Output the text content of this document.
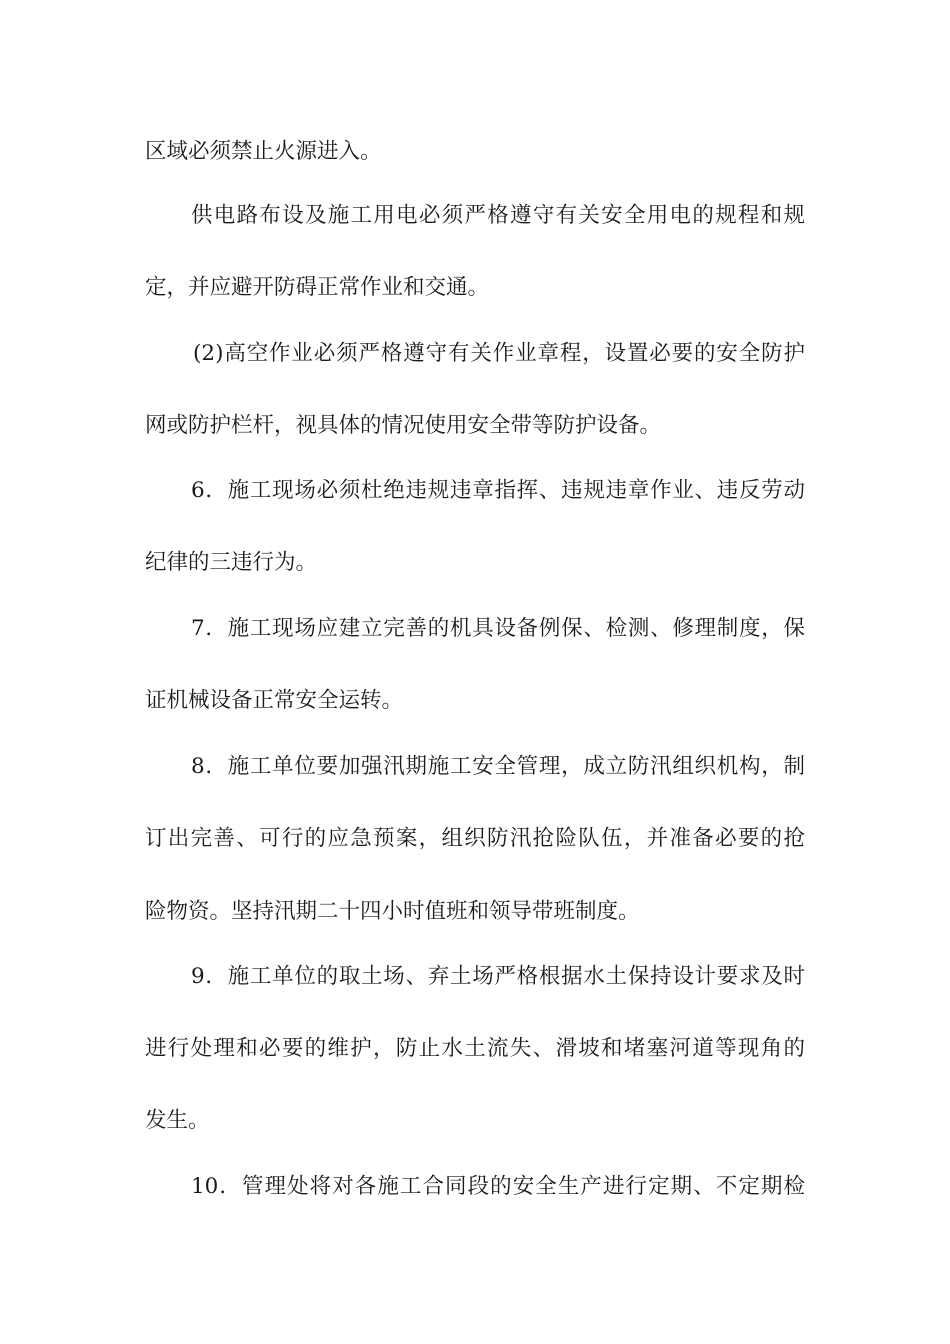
区域必须禁止火源进入。
供电路布设及施工用电必须严格遵守有关安全用电的规程和规
定，并应避开防碍正常作业和交通。
(2)高空作业必须严格遵守有关作业章程，设置必要的安全防护
网或防护栏杆，视具体的情况使用安全带等防护设备。
6．施工现场必须杜绝违规违章指挥、违规违章作业、违反劳动
纪律的三违行为。
7．施工现场应建立完善的机具设备例保、检测、修理制度，保
证机械设备正常安全运转。
8．施工单位要加强汛期施工安全管理，成立防汛组织机构，制
订出完善、可行的应急预案，组织防汛抢险队伍，并准备必要的抢
险物资。坚持汛期二十四小时值班和领导带班制度。
9．施工单位的取土场、弃土场严格根据水土保持设计要求及时
进行处理和必要的维护，防止水土流失、滑坡和堵塞河道等现角的
发生。
10．管理处将对各施工合同段的安全生产进行定期、不定期检
